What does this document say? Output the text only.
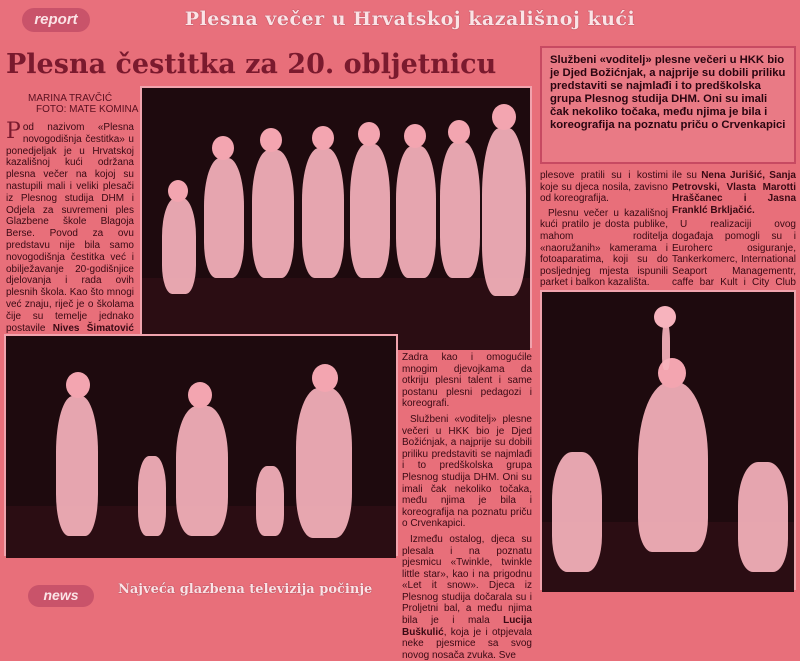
report	Plesna večer u Hrvatskoj kazališnoj kući
Plesna čestitka za 20. obljetnicu
MARINA TRAVČIĆ
FOTO: MATE KOMINA
Pod nazivom «Plesna novogodišnja čestitka» u ponedjeljak je u Hrvatskoj kazališnoj kući održana plesna večer na kojoj su nastupili mali i veliki plesači iz Plesnog studija DHM i Odjela za suvremeni ples Glazbene škole Blagoja Berse. Povod za ovu predstavu nije bila samo novogodišnja čestitka već i obilježavanje 20-godišnjice djelovanja i rada ovih plesnih škola. Kao što mnogi već znaju, riječ je o školama čije su temelje jednako postavile Nives Šimatović
Službeni «voditelj» plesne večeri u HKK bio je Djed Božićnjak, a najprije su dobili priliku predstaviti se najmlađi i to predškolska grupa Plesnog studija DHM. Oni su imali čak nekoliko točaka, među njima je bila i koreografija na poznatu priču o Crvenkapici

plesove pratili su i kostimi koje su djeca nosila, zavisno od koreografija.

Plesnu večer u kazališnoj kući pratilo je dosta publike, mahom roditelja «naoružanih» kamerama i fotoaparatima, koji su do posljednjeg mjesta ispunili parket i balkon kazališta.

ile su Nena Jurišić, Sanja Petrovski, Vlasta Marotti Hraščanec i Jasna Franklć Brkljačić.

U realizaciji ovog događaja pomogli su i Euroherc osiguranje, Tankerkomerc, International Seaport Managementr, caffe bar Kult i City Club

Zadra kao i omogućile mnogim djevojkama da otkriju plesni talent i same postanu plesni pedagozi i koreografi.

Službeni «voditelj» plesne večeri u HKK bio je Djed Božićnjak, a najprije su dobili priliku predstaviti se najmlađi i to predškolska grupa Plesnog studija DHM. Oni su imali čak nekoliko točaka, među njima je bila i koreografija na poznatu priču o Crvenkapici.

Između ostalog, djeca su plesala i na poznatu pjesmicu «Twinkle, twinkle little star», kao i na prigodnu «Let it snow». Djeca iz Plesnog studija dočarala su i Proljetni bal, a među njima bila je i mala Lucija Buškulić, koja je i otpjevala neke pjesmice sa svog novog nosača zvuka. Sve

news	Najveća glazbena televizija počinje
